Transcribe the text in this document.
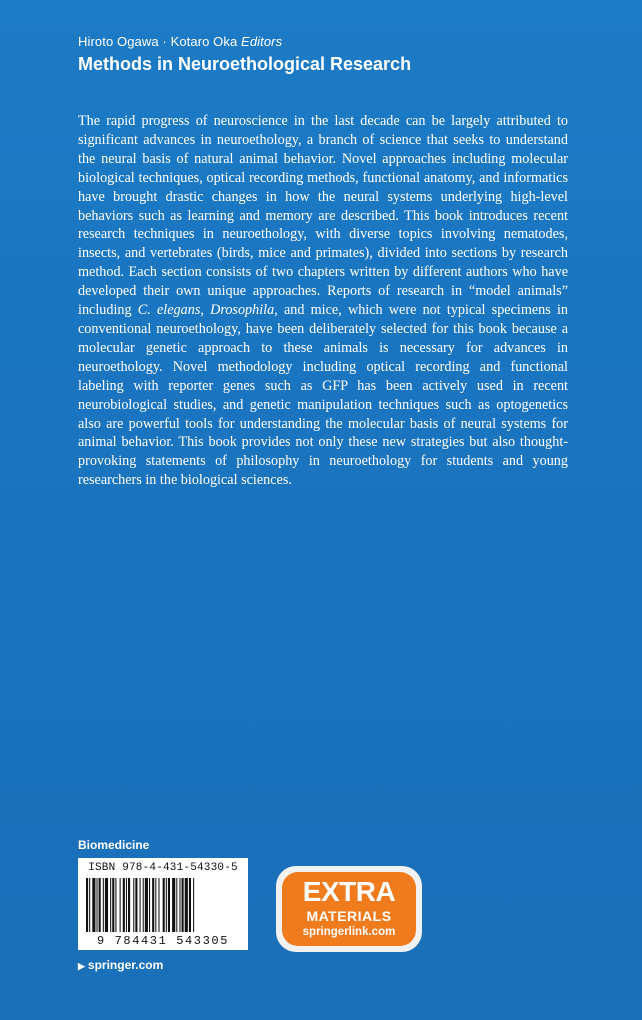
Hiroto Ogawa · Kotaro Oka Editors
Methods in Neuroethological Research

The rapid progress of neuroscience in the last decade can be largely attributed to significant advances in neuroethology, a branch of science that seeks to understand the neural basis of natural animal behavior. Novel approaches including molecular biological techniques, optical recording methods, functional anatomy, and informatics have brought drastic changes in how the neural systems underlying high-level behaviors such as learning and memory are described. This book introduces recent research techniques in neuroethology, with diverse topics involving nematodes, insects, and vertebrates (birds, mice and primates), divided into sections by research method. Each section consists of two chapters written by different authors who have developed their own unique approaches. Reports of research in “model animals” including C. elegans, Drosophila, and mice, which were not typical specimens in conventional neuroethology, have been deliberately selected for this book because a molecular genetic approach to these animals is necessary for advances in neuroethology. Novel methodology including optical recording and functional labeling with reporter genes such as GFP has been actively used in recent neurobiological studies, and genetic manipulation techniques such as optogenetics also are powerful tools for understanding the molecular basis of neural systems for animal behavior. This book provides not only these new strategies but also thought-provoking statements of philosophy in neuroethology for students and young researchers in the biological sciences.

Biomedicine
ISBN 978-4-431-54330-5
9 784431 543305
EXTRA
MATERIALS
springerlink.com
▶ springer.com
